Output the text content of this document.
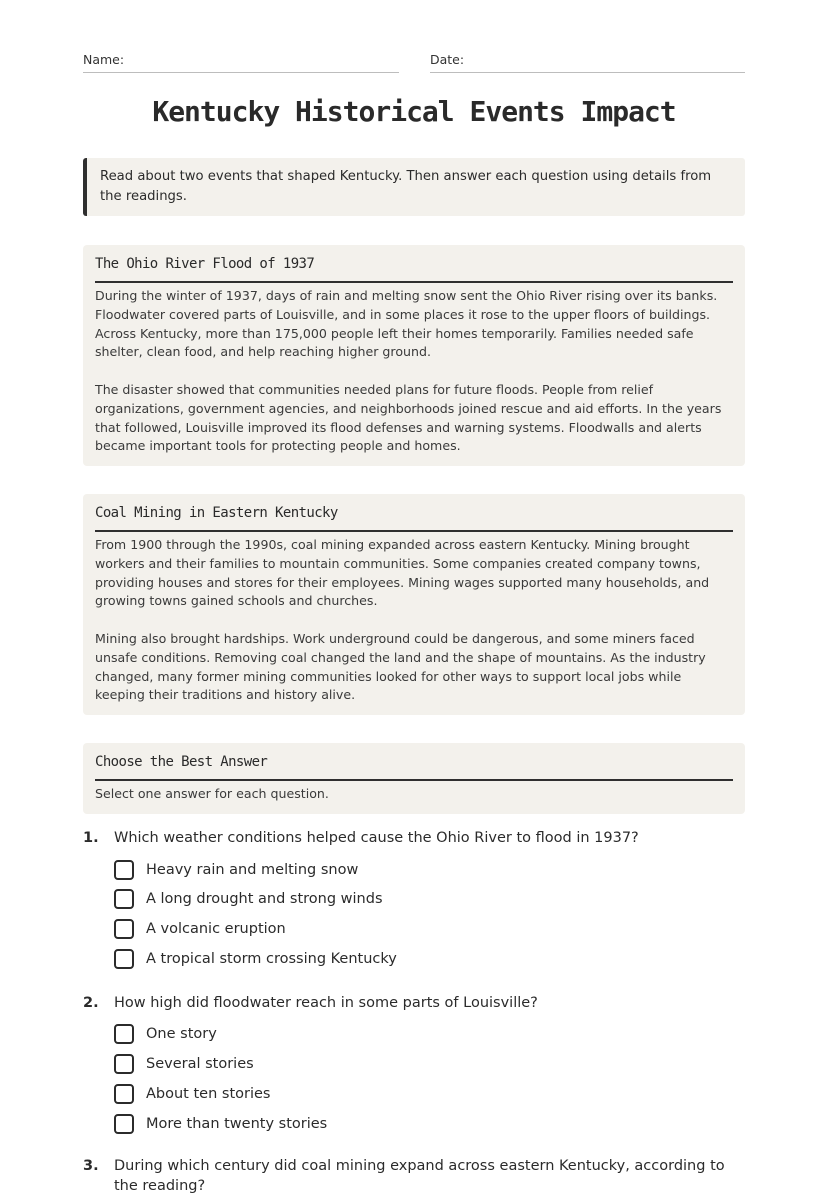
Name:	Date:
Kentucky Historical Events Impact
Read about two events that shaped Kentucky. Then answer each question using details from the readings.
The Ohio River Flood of 1937

During the winter of 1937, days of rain and melting snow sent the Ohio River rising over its banks. Floodwater covered parts of Louisville, and in some places it rose to the upper floors of buildings. Across Kentucky, more than 175,000 people left their homes temporarily. Families needed safe shelter, clean food, and help reaching higher ground.

The disaster showed that communities needed plans for future floods. People from relief organizations, government agencies, and neighborhoods joined rescue and aid efforts. In the years that followed, Louisville improved its flood defenses and warning systems. Floodwalls and alerts became important tools for protecting people and homes.

Coal Mining in Eastern Kentucky

From 1900 through the 1990s, coal mining expanded across eastern Kentucky. Mining brought workers and their families to mountain communities. Some companies created company towns, providing houses and stores for their employees. Mining wages supported many households, and growing towns gained schools and churches.

Mining also brought hardships. Work underground could be dangerous, and some miners faced unsafe conditions. Removing coal changed the land and the shape of mountains. As the industry changed, many former mining communities looked for other ways to support local jobs while keeping their traditions and history alive.

Choose the Best Answer

Select one answer for each question.

1. Which weather conditions helped cause the Ohio River to flood in 1937?
Heavy rain and melting snow
A long drought and strong winds
A volcanic eruption
A tropical storm crossing Kentucky
2. How high did floodwater reach in some parts of Louisville?
One story
Several stories
About ten stories
More than twenty stories
3. During which century did coal mining expand across eastern Kentucky, according to the reading?
